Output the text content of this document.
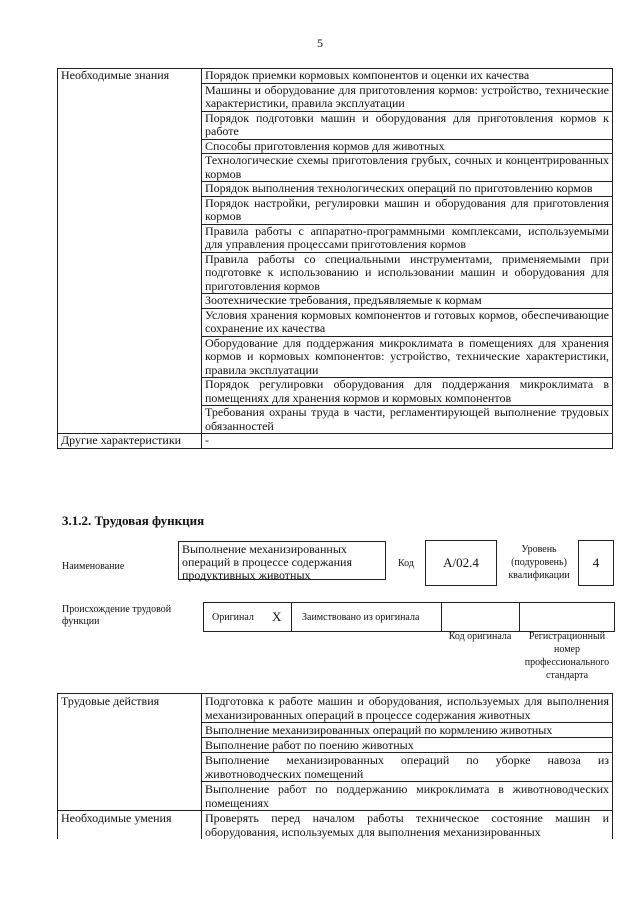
5
Необходимые знания	Порядок приемки кормовых компонентов и оценки их качества
	Машины и оборудование для приготовления кормов: устройство, технические характеристики, правила эксплуатации
	Порядок подготовки машин и оборудования для приготовления кормов к работе
	Способы приготовления кормов для животных
	Технологические схемы приготовления грубых, сочных и концентрированных кормов
	Порядок выполнения технологических операций по приготовлению кормов
	Порядок настройки, регулировки машин и оборудования для приготовления кормов
	Правила работы с аппаратно-программными комплексами, используемыми для управления процессами приготовления кормов
	Правила работы со специальными инструментами, применяемыми при подготовке к использованию и использовании машин и оборудования для приготовления кормов
	Зоотехнические требования, предъявляемые к кормам
	Условия хранения кормовых компонентов и готовых кормов, обеспечивающие сохранение их качества
	Оборудование для поддержания микроклимата в помещениях для хранения кормов и кормовых компонентов: устройство, технические характеристики, правила эксплуатации
	Порядок регулировки оборудования для поддержания микроклимата в помещениях для хранения кормов и кормовых компонентов
	Требования охраны труда в части, регламентирующей выполнение трудовых обязанностей
Другие характеристики	-
3.1.2. Трудовая функция
Наименование
Выполнение механизированных операций в процессе содержания продуктивных животных
Код	A/02.4
Уровень (подуровень) квалификации
4
Происхождение трудовой функции	Оригинал X Заимствовано из оригинала
Код оригинала	Регистрационный номер профессионального стандарта
Трудовые действия	Подготовка к работе машин и оборудования, используемых для выполнения механизированных операций в процессе содержания животных
	Выполнение механизированных операций по кормлению животных
	Выполнение работ по поению животных
	Выполнение механизированных операций по уборке навоза из животноводческих помещений
	Выполнение работ по поддержанию микроклимата в животноводческих помещениях
Необходимые умения	Проверять перед началом работы техническое состояние машин и оборудования, используемых для выполнения механизированных
